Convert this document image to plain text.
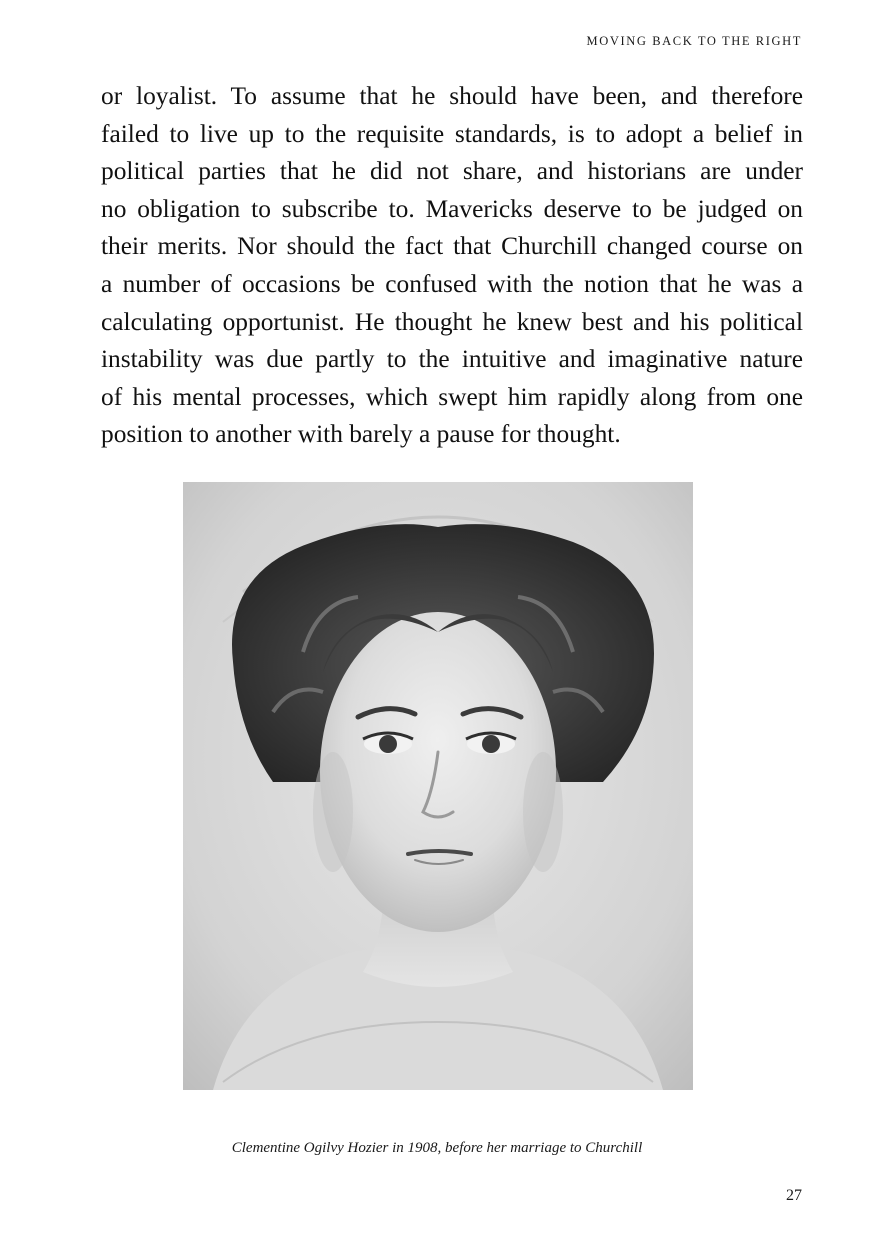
MOVING BACK TO THE RIGHT

or loyalist. To assume that he should have been, and therefore
failed to live up to the requisite standards, is to adopt a belief in
political parties that he did not share, and historians are under
no obligation to subscribe to. Mavericks deserve to be judged on
their merits. Nor should the fact that Churchill changed course on
a number of occasions be confused with the notion that he was a
calculating opportunist. He thought he knew best and his political
instability was due partly to the intuitive and imaginative nature
of his mental processes, which swept him rapidly along from one
position to another with barely a pause for thought.

Clementine Ogilvy Hozier in 1908, before her marriage to Churchill
27
